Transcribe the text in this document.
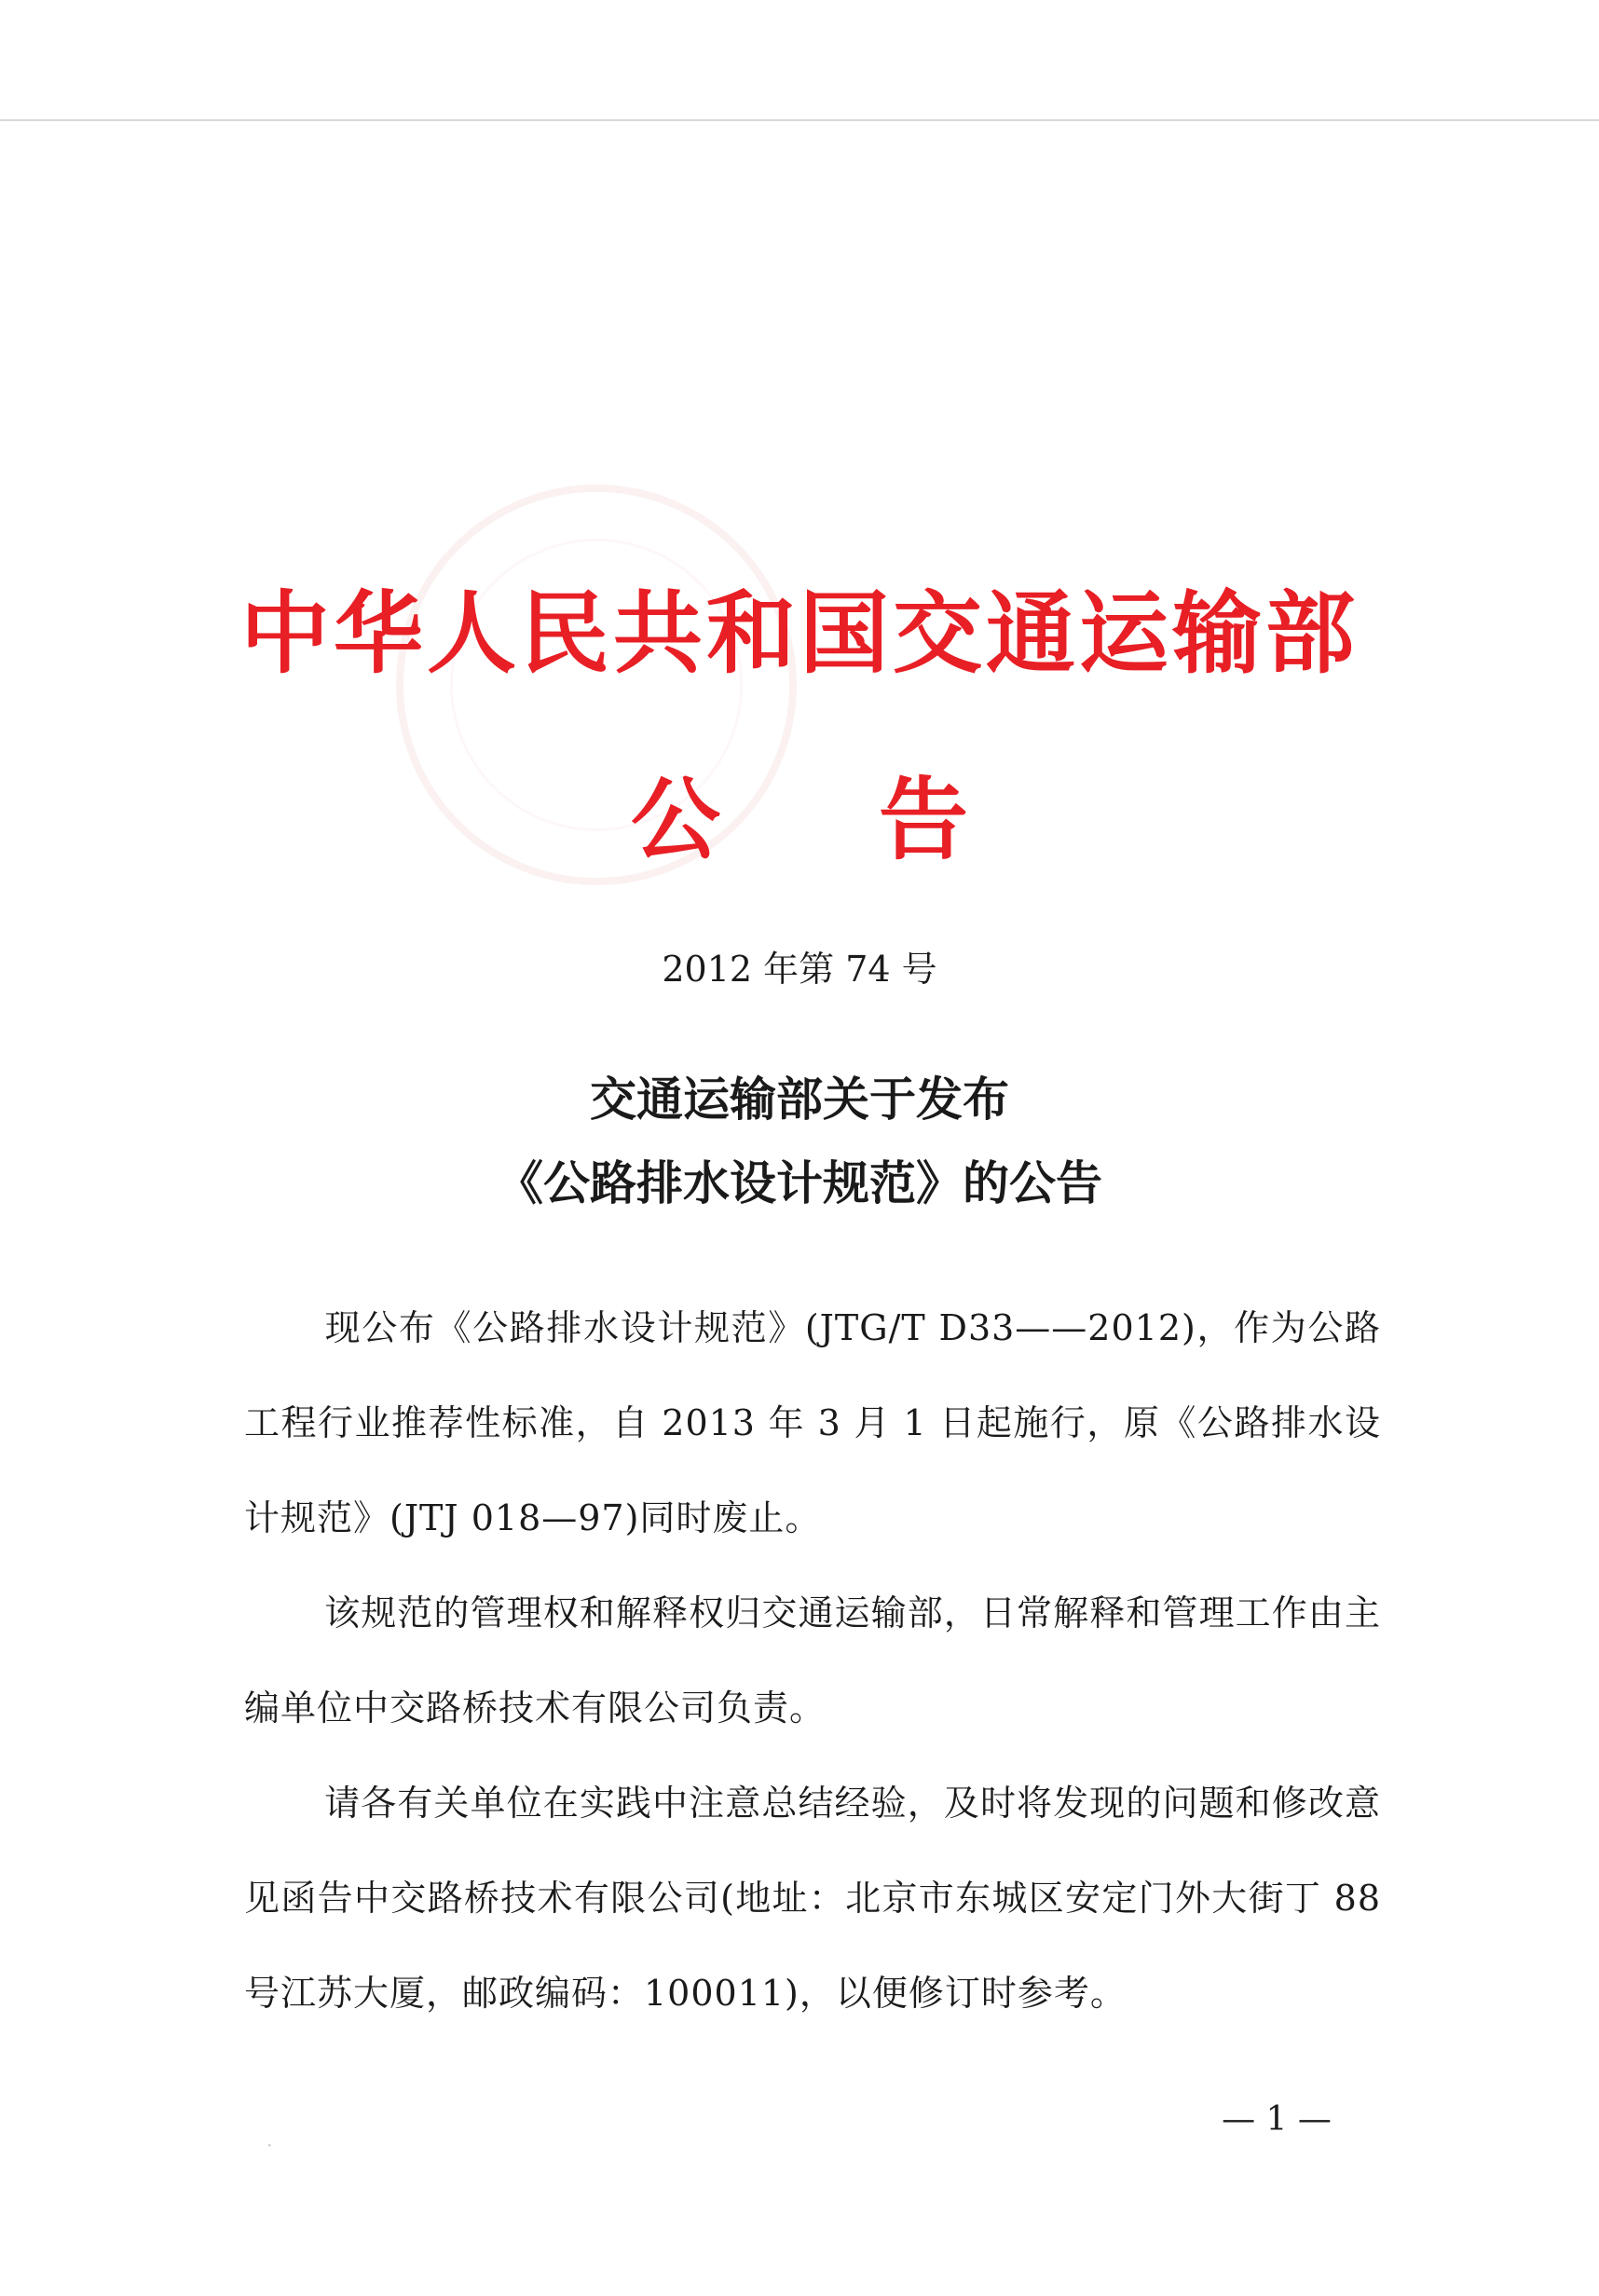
中华人民共和国交通运输部
公告
2012 年第 74 号
交通运输部关于发布
《公路排水设计规范》的公告

现公布《公路排水设计规范》(JTG/T D33——2012)，作为公路工程行业推荐性标准，自 2013 年 3 月 1 日起施行，原《公路排水设计规范》(JTJ 018—97)同时废止。

该规范的管理权和解释权归交通运输部，日常解释和管理工作由主编单位中交路桥技术有限公司负责。

请各有关单位在实践中注意总结经验，及时将发现的问题和修改意见函告中交路桥技术有限公司(地址：北京市东城区安定门外大街丁 88 号江苏大厦，邮政编码：100011)，以便修订时参考。

— 1 —
·
